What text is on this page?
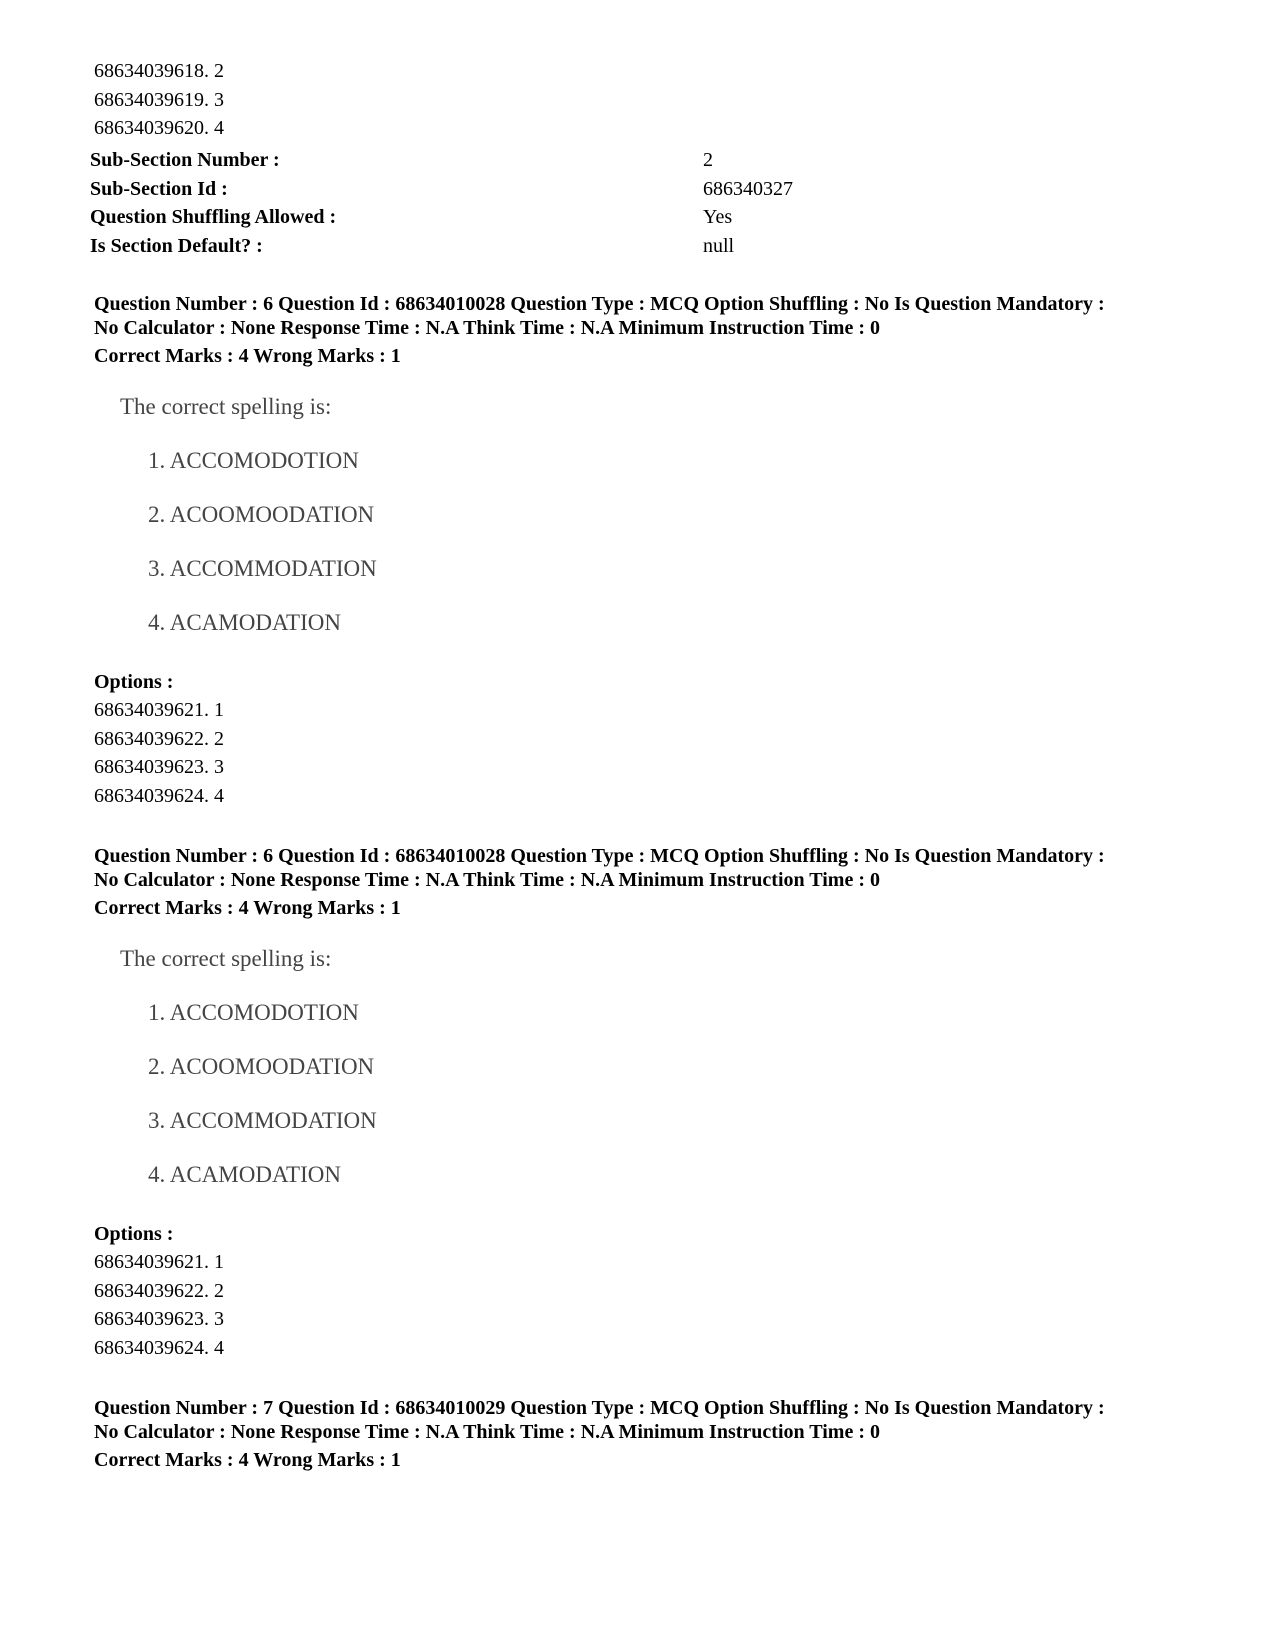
68634039618. 2
68634039619. 3
68634039620. 4
Sub-Section Number :	2
Sub-Section Id :	686340327
Question Shuffling Allowed :	Yes
Is Section Default? :	null
Question Number : 6 Question Id : 68634010028 Question Type : MCQ Option Shuffling : No Is Question Mandatory :
No Calculator : None Response Time : N.A Think Time : N.A Minimum Instruction Time : 0
Correct Marks : 4 Wrong Marks : 1
The correct spelling is:
1. ACCOMODOTION
2. ACOOMOODATION
3. ACCOMMODATION
4. ACAMODATION
Options :
68634039621. 1
68634039622. 2
68634039623. 3
68634039624. 4
Question Number : 6 Question Id : 68634010028 Question Type : MCQ Option Shuffling : No Is Question Mandatory :
No Calculator : None Response Time : N.A Think Time : N.A Minimum Instruction Time : 0
Correct Marks : 4 Wrong Marks : 1
The correct spelling is:
1. ACCOMODOTION
2. ACOOMOODATION
3. ACCOMMODATION
4. ACAMODATION
Options :
68634039621. 1
68634039622. 2
68634039623. 3
68634039624. 4
Question Number : 7 Question Id : 68634010029 Question Type : MCQ Option Shuffling : No Is Question Mandatory :
No Calculator : None Response Time : N.A Think Time : N.A Minimum Instruction Time : 0
Correct Marks : 4 Wrong Marks : 1
